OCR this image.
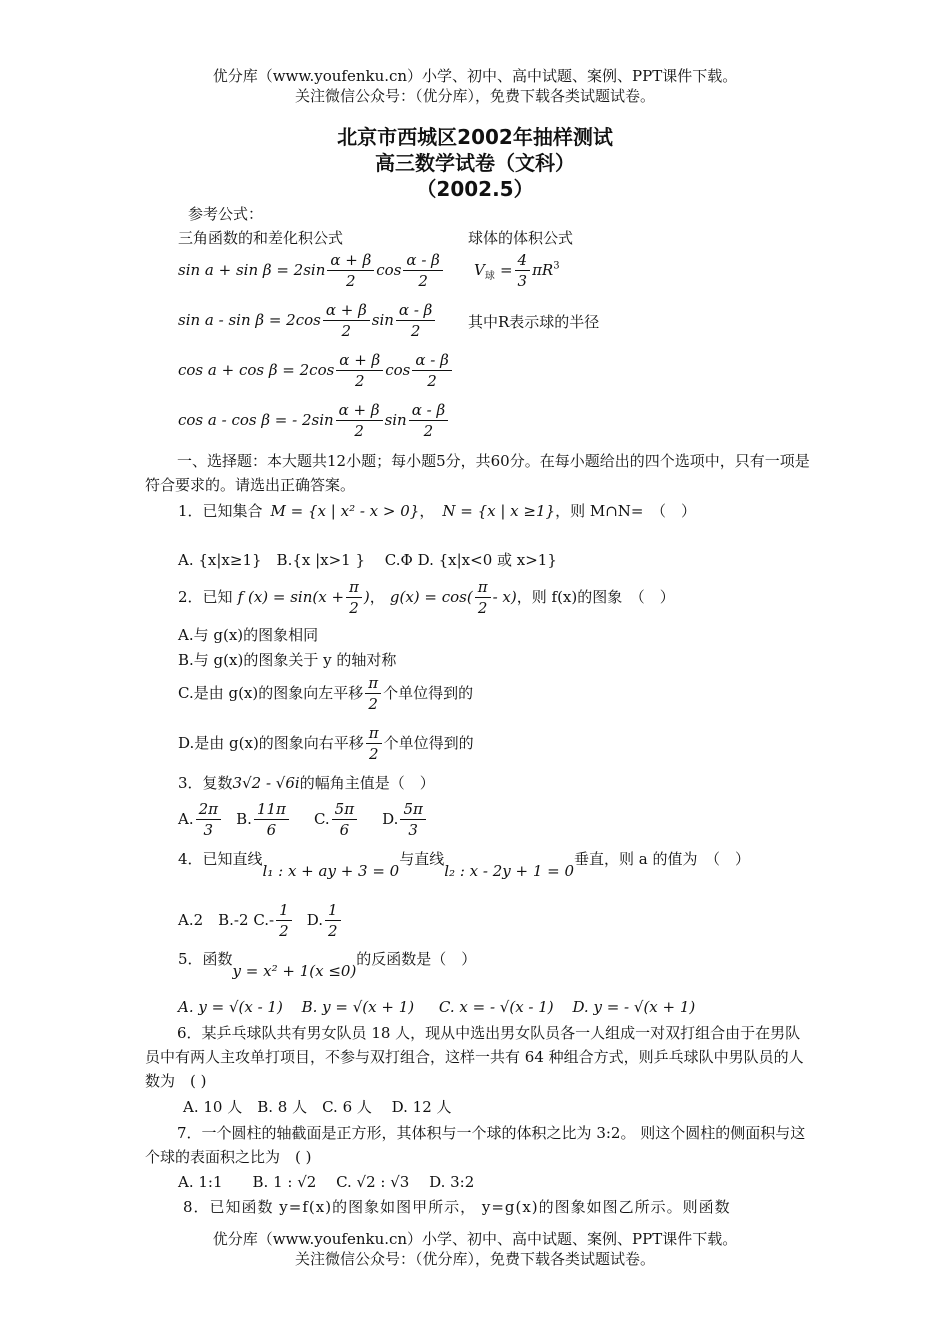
优分库（www.youfenku.cn）小学、初中、高中试题、案例、PPT课件下载。
关注微信公众号：（优分库），免费下载各类试题试卷。
北京市西城区2002年抽样测试
高三数学试卷（文科）
（2002.5）
参考公式：
三角函数的和差化积公式	球体的体积公式
$\sin a + \sin \beta = 2\sin \frac{\alpha + \beta}{2}$ $\cos \frac{\alpha - \beta}{2}$
$\sin a - \sin \beta = 2\cos \frac{\alpha + \beta}{2}$ $\sin \frac{\alpha - \beta}{2}$
$\cos a + \cos \beta = 2\cos \frac{\alpha + \beta}{2}$ $\cos \frac{\alpha - \beta}{2}$
cos a - cos β = - $2\sin \frac{\alpha + \beta}{2}$ $\sin \frac{\alpha - \beta}{2}$
$V_球 = \frac{4}{3} \pi R^3$
其中R表示球的半径
一、选择题：本大题共12小题；每小题5分，共60分。在每小题给出的四个选项中，只有一项是符合要求的。请选出正确答案。
1．已知集合 M = {x | x² - x > 0}， N = {x | x ≥1}，则 M∩N=　（　）
A. {x|x≥1}　B.{x |x>1 }　 C.Φ D. {x|x<0 或 x>1}
2．已知 f $(x) = \sin(x + \frac{\pi}{2}$ )， $g(x) = \cos( \frac{\pi}{2} - x)$，则 f(x)的图象　（　）
A.与 g(x)的图象相同
B.与 g(x)的图象关于 y 的轴对称
C.是由 g(x)的图象向左平移 $\frac{\pi}{2}$ 个单位得到的
D.是由 g(x)的图象向右平移 $\frac{\pi}{2}$ 个单位得到的
3．复数3√2 - √6i的幅角主值是（　）
A. $\frac{2\pi}{3} B$. $\frac{11\pi}{6} C$. $\frac{5\pi}{6} D$. $\frac{5\pi}{3}$
4．已知直线l₁ : x + ay + 3 = 0与直线l₂ : x - 2y + 1 = 0垂直，则 a 的值为　（　）
A.2　B.-2 $C.- \frac{1}{2} D$. $\frac{1}{2}$
5．函数y = x² + 1(x ≤0)的反函数是（　）
A. y = √(x - 1) B. y = √(x + 1) C. x = - √(x - 1) D. y = - √(x + 1)
6．某乒乓球队共有男女队员 18 人，现从中选出男女队员各一人组成一对双打组合由于在男队员中有两人主攻单打项目，不参与双打组合，这样一共有 64 种组合方式，则乒乓球队中男队员的人数为　( )
A. 10 人　B. 8 人　C. 6 人　 D. 12 人
7．一个圆柱的轴截面是正方形，其体积与一个球的体积之比为 3:2。 则这个圆柱的侧面积与这个球的表面积之比为　( )
A. 1:1　　B. 1 : √2　 C. √2 : √3　 D. 3:2
8．已知函数 y=f(x)的图象如图甲所示， y=g(x)的图象如图乙所示。则函数
优分库（www.youfenku.cn）小学、初中、高中试题、案例、PPT课件下载。
关注微信公众号：（优分库），免费下载各类试题试卷。
